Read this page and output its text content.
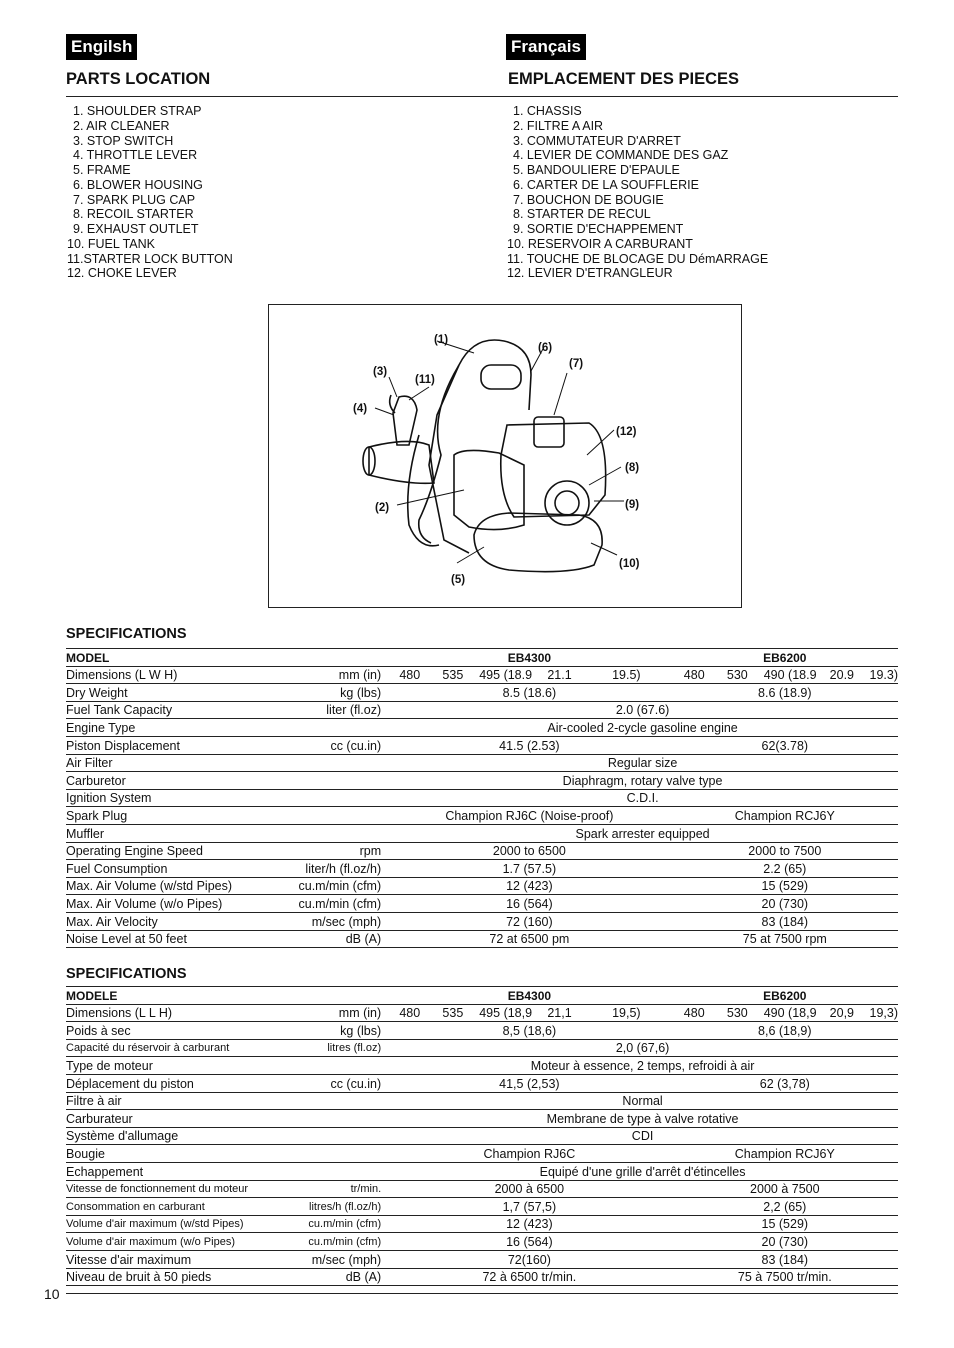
Engilsh	Français
PARTS LOCATION	EMPLACEMENT DES PIECES
1. SHOULDER STRAP
2. AIR CLEANER
3. STOP SWITCH
4. THROTTLE LEVER
5. FRAME
6. BLOWER HOUSING
7. SPARK PLUG CAP
8. RECOIL STARTER
9. EXHAUST OUTLET
10. FUEL TANK
11.STARTER LOCK BUTTON
12. CHOKE LEVER
1. CHASSIS
2. FILTRE A AIR
3. COMMUTATEUR D'ARRET
4. LEVIER DE COMMANDE DES GAZ
5. BANDOULIERE D'EPAULE
6. CARTER DE LA SOUFFLERIE
7. BOUCHON DE BOUGIE
8. STARTER DE RECUL
9. SORTIE D'ECHAPPEMENT
10. RESERVOIR A CARBURANT
11. TOUCHE DE BLOCAGE DU DémARRAGE
12. LEVIER D'ETRANGLEUR
(1)
(2)
(3)
(4)
(5)
(6)
(7)
(8)
(9)
(10)
(11)
(12)
SPECIFICATIONS
MODEL		EB4300					EB6200				
Dimensions (L W H)	mm (in)	480	535	495 (18.9	21.1	19.5)	480	530	490 (18.9	20.9	19.3)
Dry Weight	kg (lbs)	8.5 (18.6)					8.6 (18.9)				
Fuel Tank Capacity	liter (fl.oz)	2.0 (67.6)									
Engine Type		Air-cooled 2-cycle gasoline engine									
Piston Displacement	cc (cu.in)	41.5 (2.53)					62(3.78)				
Air Filter		Regular size									
Carburetor		Diaphragm, rotary valve type									
Ignition System		C.D.I.									
Spark Plug		Champion RJ6C (Noise-proof)					Champion RCJ6Y				
Muffler		Spark arrester equipped									
Operating Engine Speed	rpm	2000 to 6500					2000 to 7500				
Fuel Consumption	liter/h (fl.oz/h)	1.7 (57.5)					2.2 (65)				
Max. Air Volume (w/std Pipes)	cu.m/min (cfm)	12 (423)					15 (529)				
Max. Air Volume (w/o Pipes)	cu.m/min (cfm)	16 (564)					20 (730)				
Max. Air Velocity	m/sec (mph)	72 (160)					83 (184)				
Noise Level at 50 feet	dB (A)	72 at 6500 pm					75 at 7500 rpm				
SPECIFICATIONS
MODELE		EB4300					EB6200				
Dimensions (L L H)	mm (in)	480	535	495 (18,9	21,1	19,5)	480	530	490 (18,9	20,9	19,3)
Poids à sec	kg (lbs)	8,5 (18,6)					8,6 (18,9)				
Capacité du réservoir à carburant	litres (fl.oz)	2,0 (67,6)									
Type de moteur		Moteur à essence, 2 temps, refroidi à air									
Déplacement du piston	cc (cu.in)	41,5 (2,53)					62 (3,78)				
Filtre à air		Normal									
Carburateur		Membrane de type à valve rotative									
Système d'allumage		CDI									
Bougie		Champion RJ6C					Champion RCJ6Y				
Echappement		Equipé d'une grille d'arrêt d'étincelles									
Vitesse de fonctionnement du moteur	tr/min.	2000 à 6500					2000 à 7500				
Consommation en carburant	litres/h (fl.oz/h)	1,7 (57,5)					2,2 (65)				
Volume d'air maximum (w/std Pipes)	cu.m/min (cfm)	12 (423)					15 (529)				
Volume d'air maximum (w/o Pipes)	cu.m/min (cfm)	16 (564)					20 (730)				
Vitesse d'air maximum	m/sec (mph)	72(160)					83 (184)				
Niveau de bruit à 50 pieds	dB (A)	72 à 6500 tr/min.					75 à 7500 tr/min.				
10
